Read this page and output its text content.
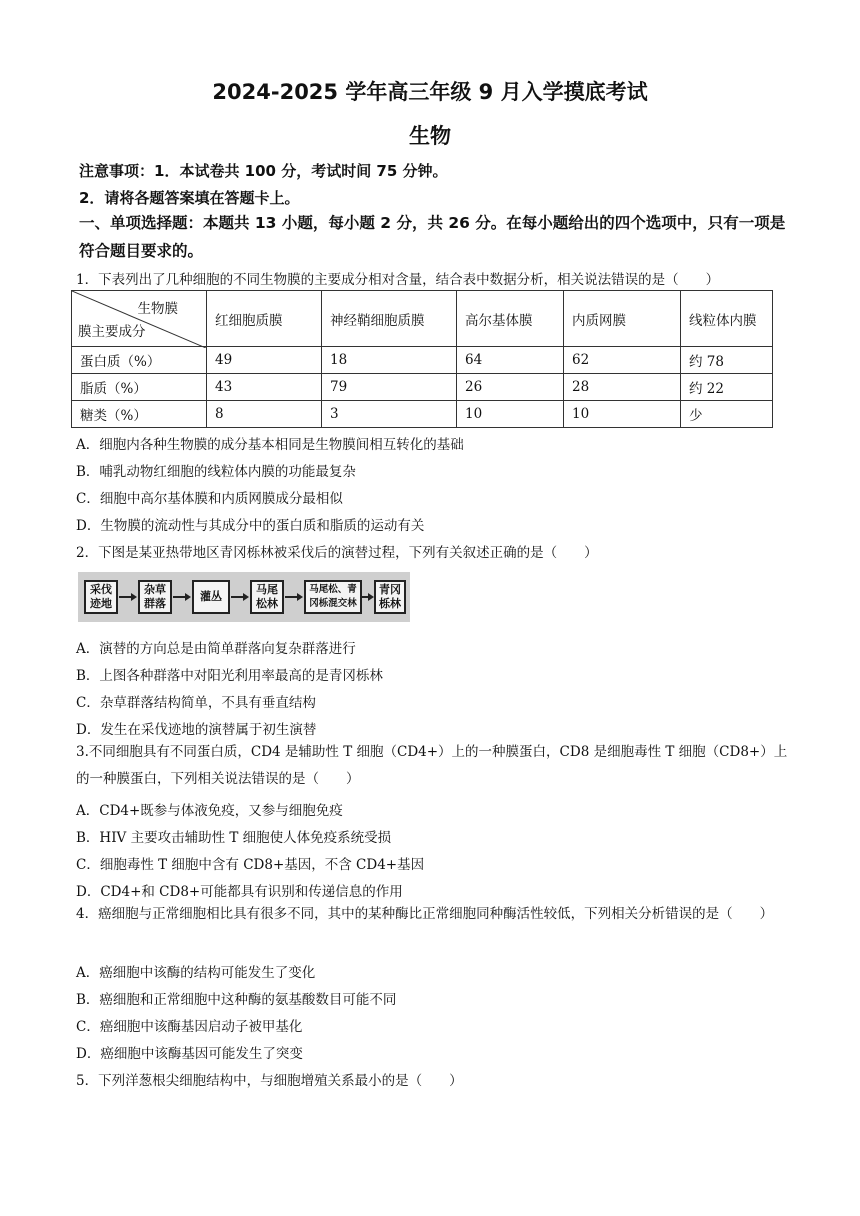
2024-2025 学年高三年级 9 月入学摸底考试
生物
注意事项：1．本试卷共 100 分，考试时间 75 分钟。
2．请将各题答案填在答题卡上。
一、单项选择题：本题共 13 小题，每小题 2 分，共 26 分。在每小题给出的四个选项中，只有一项是符合题目要求的。
1．下表列出了几种细胞的不同生物膜的主要成分相对含量，结合表中数据分析，相关说法错误的是（　　）
生物膜
膜主要成分	红细胞质膜	神经鞘细胞质膜	高尔基体膜	内质网膜	线粒体内膜
蛋白质（%）	49	18	64	62	约 78
脂质（%）	43	79	26	28	约 22
糖类（%）	8	3	10	10	少
A．细胞内各种生物膜的成分基本相同是生物膜间相互转化的基础
B．哺乳动物红细胞的线粒体内膜的功能最复杂
C．细胞中高尔基体膜和内质网膜成分最相似
D．生物膜的流动性与其成分中的蛋白质和脂质的运动有关
2．下图是某亚热带地区青冈栎林被采伐后的演替过程，下列有关叙述正确的是（　　）
采伐
迹地
杂草
群落
灌丛
马尾
松林
马尾松、青
冈栎混交林
青冈
栎林
A．演替的方向总是由简单群落向复杂群落进行
B．上图各种群落中对阳光利用率最高的是青冈栎林
C．杂草群落结构简单，不具有垂直结构
D．发生在采伐迹地的演替属于初生演替
3.不同细胞具有不同蛋白质，CD4 是辅助性 T 细胞（CD4+）上的一种膜蛋白，CD8 是细胞毒性 T 细胞（CD8+）上的一种膜蛋白，下列相关说法错误的是（　　）
A．CD4+既参与体液免疫，又参与细胞免疫
B．HIV 主要攻击辅助性 T 细胞使人体免疫系统受损
C．细胞毒性 T 细胞中含有 CD8+基因，不含 CD4+基因
D．CD4+和 CD8+可能都具有识别和传递信息的作用
4．癌细胞与正常细胞相比具有很多不同，其中的某种酶比正常细胞同种酶活性较低，下列相关分析错误的是（　　）
A．癌细胞中该酶的结构可能发生了变化
B．癌细胞和正常细胞中这种酶的氨基酸数目可能不同
C．癌细胞中该酶基因启动子被甲基化
D．癌细胞中该酶基因可能发生了突变
5．下列洋葱根尖细胞结构中，与细胞增殖关系最小的是（　　）
